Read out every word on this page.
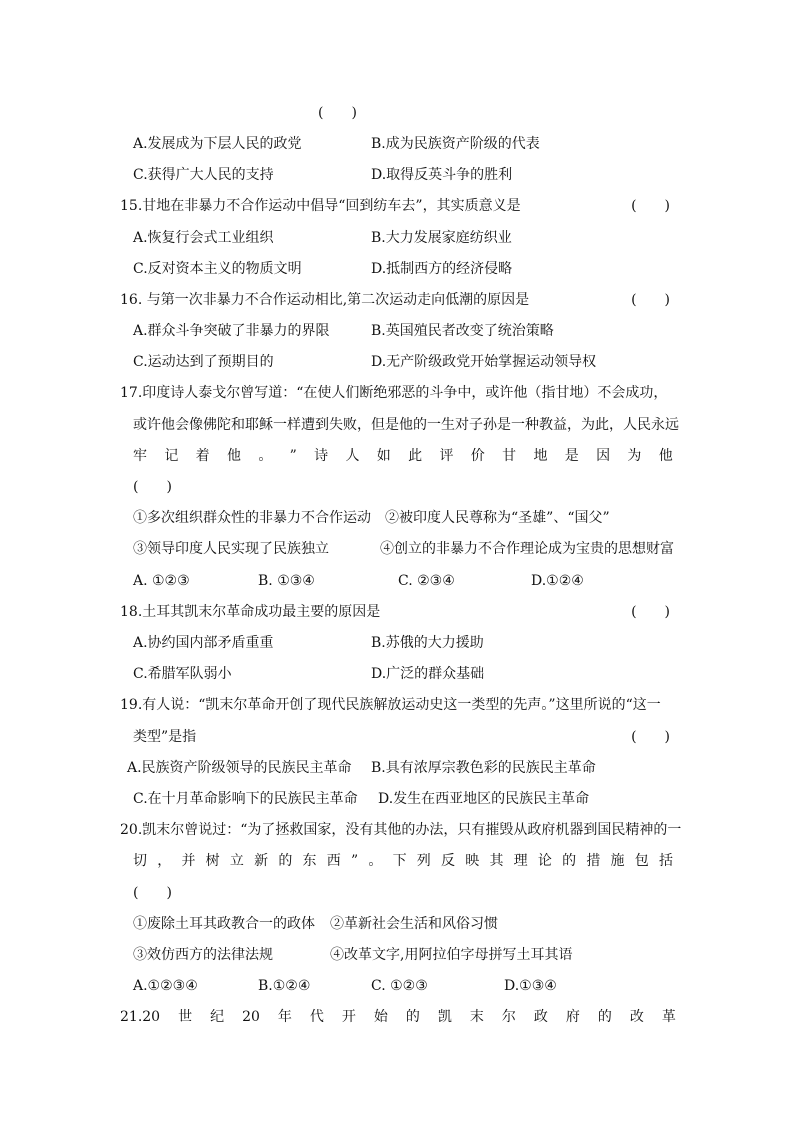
(　　)
A.发展成为下层人民的政党	B.成为民族资产阶级的代表
C.获得广大人民的支持	D.取得反英斗争的胜利
15.甘地在非暴力不合作运动中倡导“回到纺车去”，其实质意义是	(　　)
A.恢复行会式工业组织	B.大力发展家庭纺织业
C.反对资本主义的物质文明	D.抵制西方的经济侵略
16. 与第一次非暴力不合作运动相比,第二次运动走向低潮的原因是	(　　)
A.群众斗争突破了非暴力的界限	B.英国殖民者改变了统治策略
C.运动达到了预期目的	D.无产阶级政党开始掌握运动领导权
17.印度诗人泰戈尔曾写道：“在使人们断绝邪恶的斗争中，或许他（指甘地）不会成功，
或许他会像佛陀和耶稣一样遭到失败，但是他的一生对子孙是一种教益，为此，人民永远
牢 记 着 他 。 ” 诗 人 如 此 评 价 甘 地 是 因 为 他
(　　)
①多次组织群众性的非暴力不合作运动 ②被印度人民尊称为“圣雄”、“国父”
③领导印度人民实现了民族独立	④创立的非暴力不合作理论成为宝贵的思想财富
A. ①②③	B. ①③④	C. ②③④	D.①②④
18.土耳其凯末尔革命成功最主要的原因是	(　　)
A.协约国内部矛盾重重	B.苏俄的大力援助
C.希腊军队弱小	D.广泛的群众基础
19.有人说：“凯末尔革命开创了现代民族解放运动史这一类型的先声。”这里所说的“这一
类型”是指	(　　)
A.民族资产阶级领导的民族民主革命 B.具有浓厚宗教色彩的民族民主革命
C.在十月革命影响下的民族民主革命 D.发生在西亚地区的民族民主革命
20.凯末尔曾说过：“为了拯救国家，没有其他的办法，只有摧毁从政府机器到国民精神的一
切 ， 并 树 立 新 的 东 西 ” 。 下 列 反 映 其 理 论 的 措 施 包 括
(　　)
①废除土耳其政教合一的政体 ②革新社会生活和风俗习惯
③效仿西方的法律法规	④改革文字,用阿拉伯字母拼写土耳其语
A.①②③④	B.①②④	C. ①②③	D.①③④
21.20 世 纪 20 年 代 开 始 的 凯 末 尔 政 府 的 改 革
